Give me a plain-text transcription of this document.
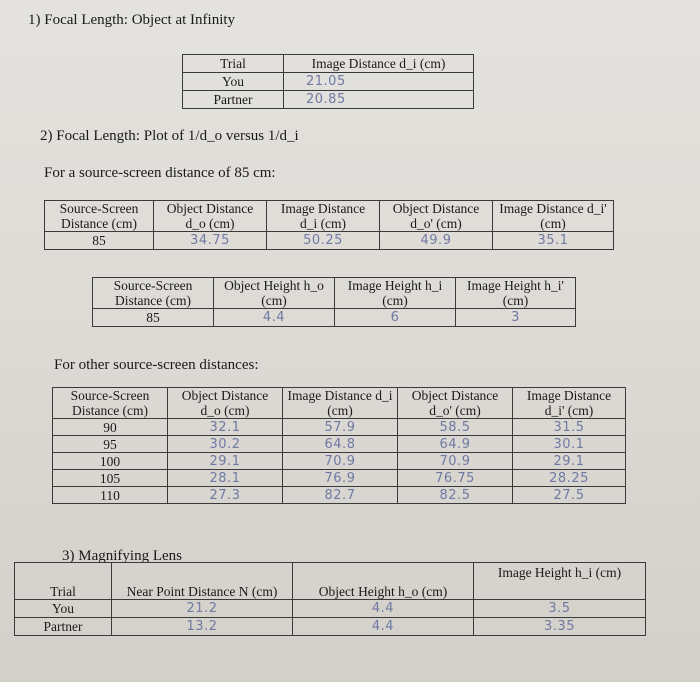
1) Focal Length: Object at Infinity
Trial	Image Distance d_i (cm)
You	21.05
Partner	20.85
2) Focal Length: Plot of 1/d_o versus 1/d_i
For a source-screen distance of 85 cm:
Source-Screen Distance (cm)	Object Distance d_o (cm)	Image Distance d_i (cm)	Object Distance d_o' (cm)	Image Distance d_i' (cm)
85	34.75	50.25	49.9	35.1
Source-Screen Distance (cm)	Object Height h_o (cm)	Image Height h_i (cm)	Image Height h_i' (cm)
85	4.4	6	3
For other source-screen distances:
Source-Screen Distance (cm)	Object Distance d_o (cm)	Image Distance d_i (cm)	Object Distance d_o' (cm)	Image Distance d_i' (cm)
90	32.1	57.9	58.5	31.5
95	30.2	64.8	64.9	30.1
100	29.1	70.9	70.9	29.1
105	28.1	76.9	76.75	28.25
110	27.3	82.7	82.5	27.5
3) Magnifying Lens
Trial	Near Point Distance N (cm)	Object Height h_o (cm)	Image Height h_i (cm)
You	21.2	4.4	3.5
Partner	13.2	4.4	3.35
